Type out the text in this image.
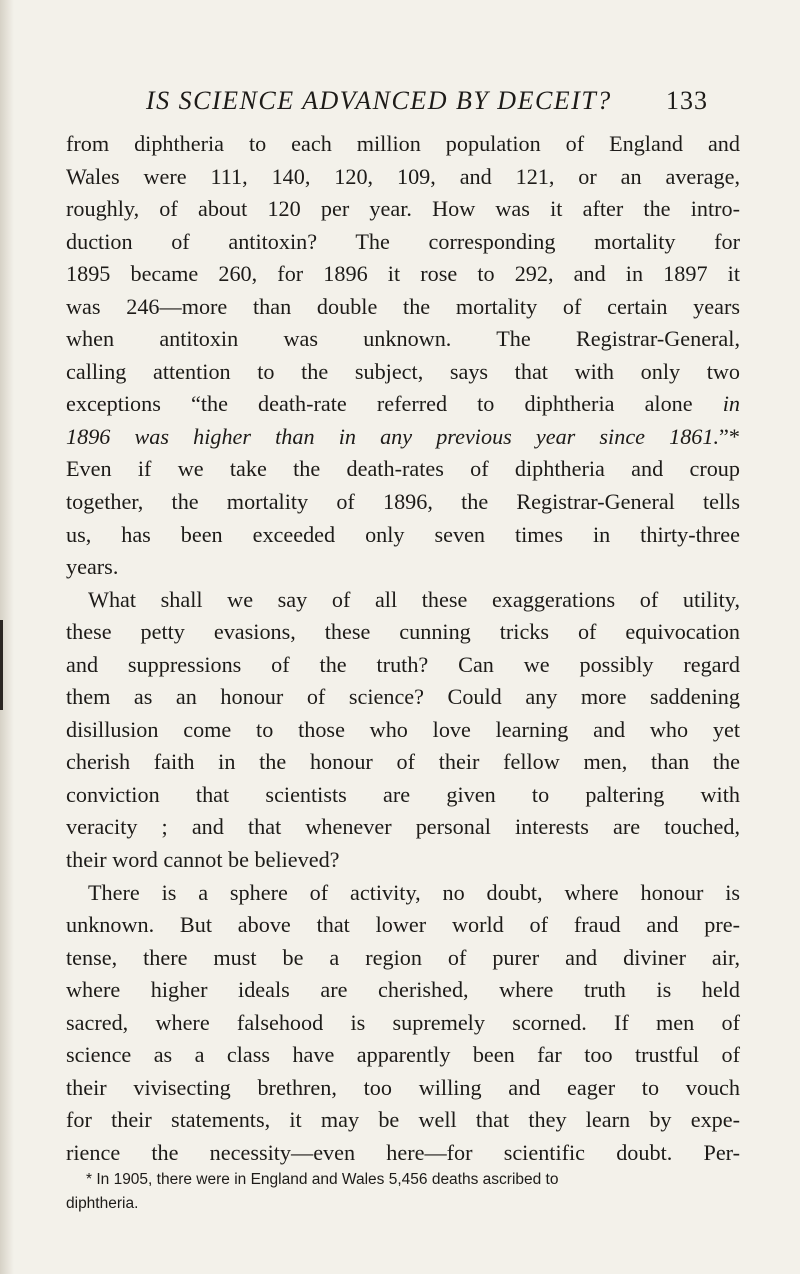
IS SCIENCE ADVANCED BY DECEIT?	133
from diphtheria to each million population of England and
Wales were 111, 140, 120, 109, and 121, or an average,
roughly, of about 120 per year. How was it after the intro-
duction of antitoxin? The corresponding mortality for
1895 became 260, for 1896 it rose to 292, and in 1897 it
was 246—more than double the mortality of certain years
when antitoxin was unknown. The Registrar-General,
calling attention to the subject, says that with only two
exceptions “the death-rate referred to diphtheria alone in
1896 was higher than in any previous year since 1861.”*
Even if we take the death-rates of diphtheria and croup
together, the mortality of 1896, the Registrar-General tells
us, has been exceeded only seven times in thirty-three
years.
What shall we say of all these exaggerations of utility,
these petty evasions, these cunning tricks of equivocation
and suppressions of the truth? Can we possibly regard
them as an honour of science? Could any more saddening
disillusion come to those who love learning and who yet
cherish faith in the honour of their fellow men, than the
conviction that scientists are given to paltering with
veracity ; and that whenever personal interests are touched,
their word cannot be believed?
There is a sphere of activity, no doubt, where honour is
unknown. But above that lower world of fraud and pre-
tense, there must be a region of purer and diviner air,
where higher ideals are cherished, where truth is held
sacred, where falsehood is supremely scorned. If men of
science as a class have apparently been far too trustful of
their vivisecting brethren, too willing and eager to vouch
for their statements, it may be well that they learn by expe-
rience the necessity—even here—for scientific doubt. Per-
* In 1905, there were in England and Wales 5,456 deaths ascribed to
diphtheria.
